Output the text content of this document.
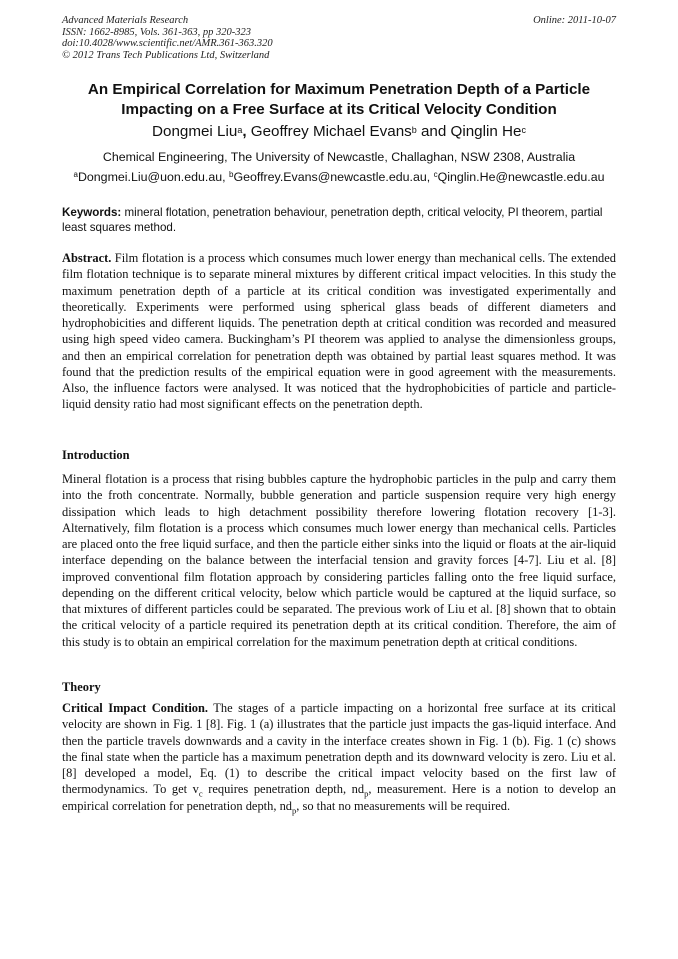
Advanced Materials Research
ISSN: 1662-8985, Vols. 361-363, pp 320-323
doi:10.4028/www.scientific.net/AMR.361-363.320
© 2012 Trans Tech Publications Ltd, Switzerland
Online: 2011-10-07
An Empirical Correlation for Maximum Penetration Depth of a Particle
Impacting on a Free Surface at its Critical Velocity Condition
Dongmei Liu$^a$, Geoffrey Michael Evans$^b$ and Qinglin He$^c$
Chemical Engineering, The University of Newcastle, Challaghan, NSW 2308, Australia
$^a$Dongmei.Liu@uon.edu.au, $^b$Geoffrey.Evans@newcastle.edu.au, $^c$Qinglin.He@newcastle.edu.au
Keywords: mineral flotation, penetration behaviour, penetration depth, critical velocity, PI theorem, partial least squares method.
Abstract. Film flotation is a process which consumes much lower energy than mechanical cells. The extended film flotation technique is to separate mineral mixtures by different critical impact velocities. In this study the maximum penetration depth of a particle at its critical condition was investigated experimentally and theoretically. Experiments were performed using spherical glass beads of different diameters and hydrophobicities and different liquids. The penetration depth at critical condition was recorded and measured using high speed video camera. Buckingham’s PI theorem was applied to analyse the dimensionless groups, and then an empirical correlation for penetration depth was obtained by partial least squares method. It was found that the prediction results of the empirical equation were in good agreement with the measurements. Also, the influence factors were analysed. It was noticed that the hydrophobicities of particle and particle-liquid density ratio had most significant effects on the penetration depth.
Introduction
Mineral flotation is a process that rising bubbles capture the hydrophobic particles in the pulp and carry them into the froth concentrate. Normally, bubble generation and particle suspension require very high energy dissipation which leads to high detachment possibility therefore lowering flotation recovery [1-3]. Alternatively, film flotation is a process which consumes much lower energy than mechanical cells. Particles are placed onto the free liquid surface, and then the particle either sinks into the liquid or floats at the air-liquid interface depending on the balance between the interfacial tension and gravity forces [4-7]. Liu et al. [8] improved conventional film flotation approach by considering particles falling onto the free liquid surface, depending on the different critical velocity, below which particle would be captured at the liquid surface, so that mixtures of different particles could be separated. The previous work of Liu et al. [8] shown that to obtain the critical velocity of a particle required its penetration depth at its critical condition. Therefore, the aim of this study is to obtain an empirical correlation for the maximum penetration depth at critical conditions.
Theory
Critical Impact Condition. The stages of a particle impacting on a horizontal free surface at its critical velocity are shown in Fig. 1 [8]. Fig. 1 (a) illustrates that the particle just impacts the gas-liquid interface. And then the particle travels downwards and a cavity in the interface creates shown in Fig. 1 (b). Fig. 1 (c) shows the final state when the particle has a maximum penetration depth and its downward velocity is zero. Liu et al. [8] developed a model, Eq. (1) to describe the critical impact velocity based on the first law of thermodynamics. To get $v_c$ requires penetration depth, $nd_p$, measurement. Here is a notion to develop an empirical correlation for penetration depth, $nd_p$, so that no measurements will be required.
